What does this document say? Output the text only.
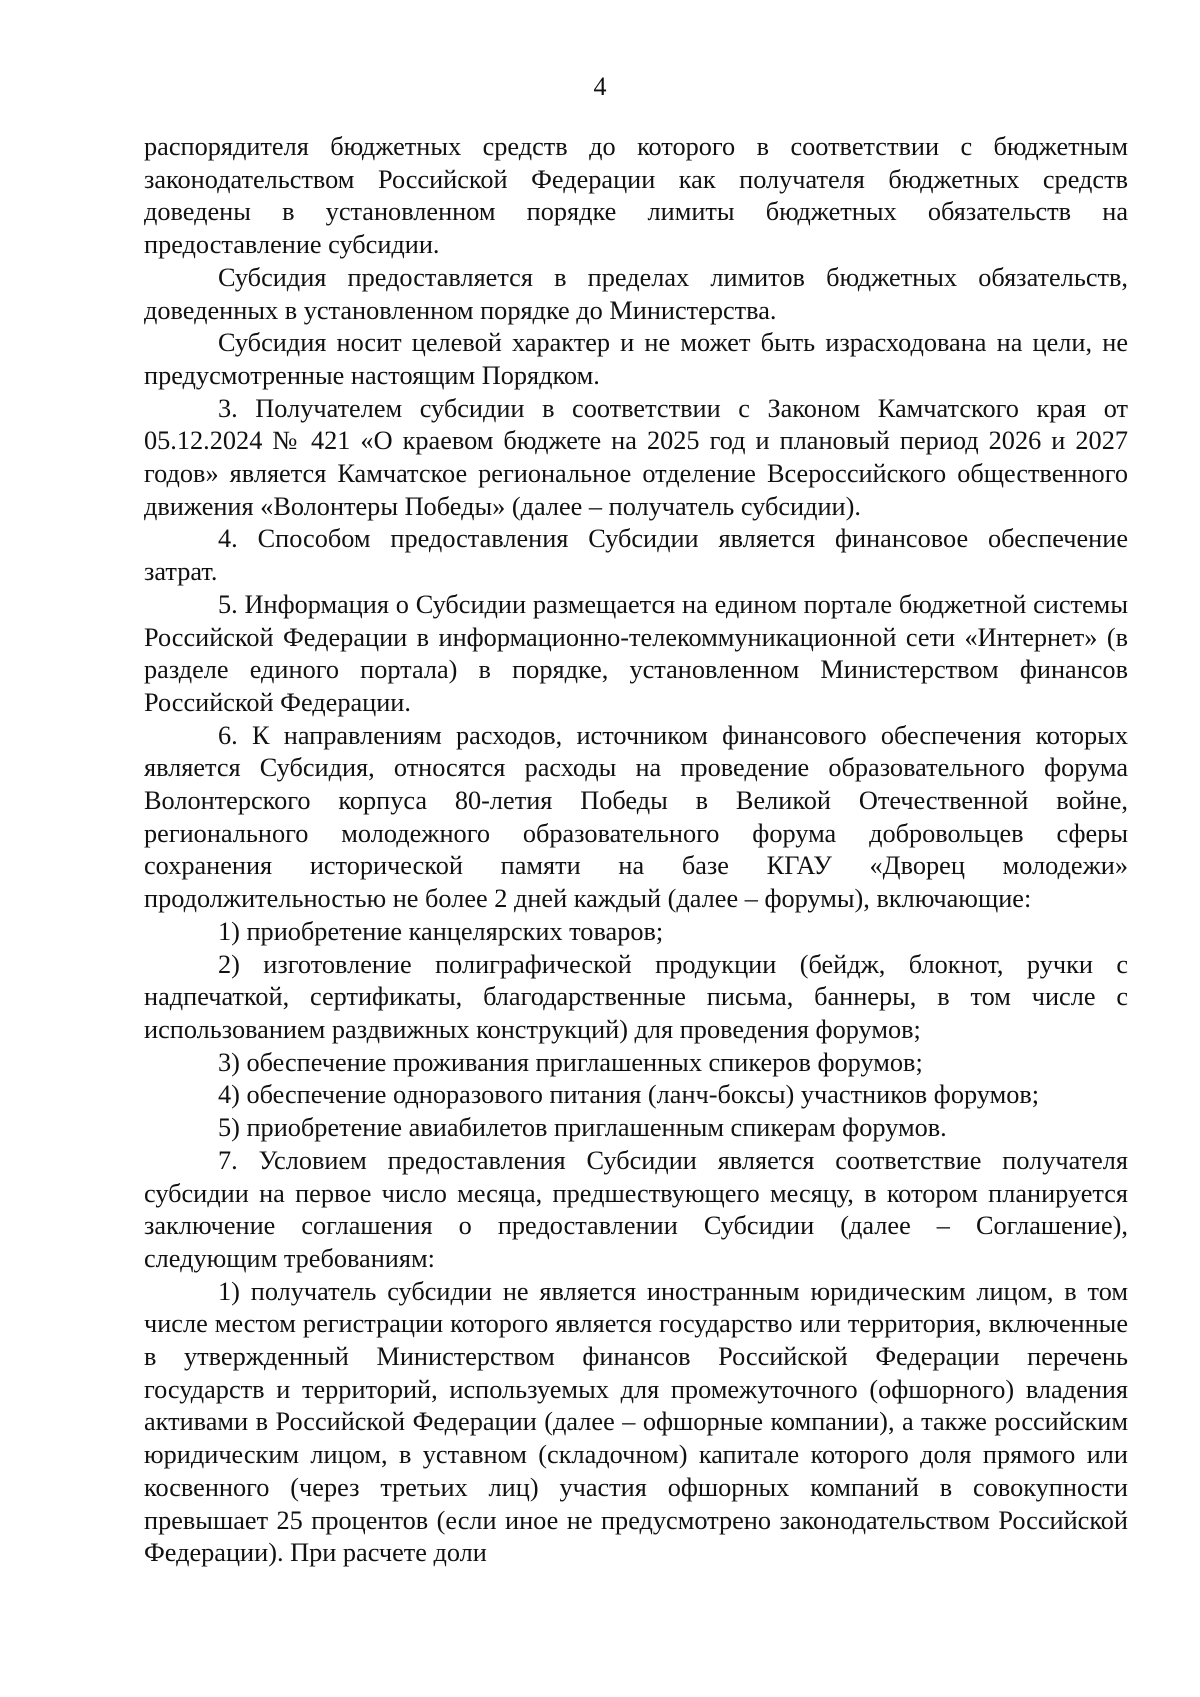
4

распорядителя бюджетных средств до которого в соответствии с бюджетным законодательством Российской Федерации как получателя бюджетных средств доведены в установленном порядке лимиты бюджетных обязательств на предоставление субсидии.

Субсидия предоставляется в пределах лимитов бюджетных обязательств, доведенных в установленном порядке до Министерства.

Субсидия носит целевой характер и не может быть израсходована на цели, не предусмотренные настоящим Порядком.

3. Получателем субсидии в соответствии с Законом Камчатского края от 05.12.2024 № 421 «О краевом бюджете на 2025 год и плановый период 2026 и 2027 годов» является Камчатское региональное отделение Всероссийского общественного движения «Волонтеры Победы» (далее – получатель субсидии).

4. Способом предоставления Субсидии является финансовое обеспечение затрат.

5. Информация о Субсидии размещается на едином портале бюджетной системы Российской Федерации в информационно-телекоммуникационной сети «Интернет» (в разделе единого портала) в порядке, установленном Министерством финансов Российской Федерации.

6. К направлениям расходов, источником финансового обеспечения которых является Субсидия, относятся расходы на проведение образовательного форума Волонтерского корпуса 80-летия Победы в Великой Отечественной войне, регионального молодежного образовательного форума добровольцев сферы сохранения исторической памяти на базе КГАУ «Дворец молодежи» продолжительностью не более 2 дней каждый (далее – форумы), включающие:

1) приобретение канцелярских товаров;

2) изготовление полиграфической продукции (бейдж, блокнот, ручки с надпечаткой, сертификаты, благодарственные письма, баннеры, в том числе с использованием раздвижных конструкций) для проведения форумов;

3) обеспечение проживания приглашенных спикеров форумов;

4) обеспечение одноразового питания (ланч-боксы) участников форумов;

5) приобретение авиабилетов приглашенным спикерам форумов.

7. Условием предоставления Субсидии является соответствие получателя субсидии на первое число месяца, предшествующего месяцу, в котором планируется заключение соглашения о предоставлении Субсидии (далее – Соглашение), следующим требованиям:

1) получатель субсидии не является иностранным юридическим лицом, в том числе местом регистрации которого является государство или территория, включенные в утвержденный Министерством финансов Российской Федерации перечень государств и территорий, используемых для промежуточного (офшорного) владения активами в Российской Федерации (далее – офшорные компании), а также российским юридическим лицом, в уставном (складочном) капитале которого доля прямого или косвенного (через третьих лиц) участия офшорных компаний в совокупности превышает 25 процентов (если иное не предусмотрено законодательством Российской Федерации). При расчете доли
